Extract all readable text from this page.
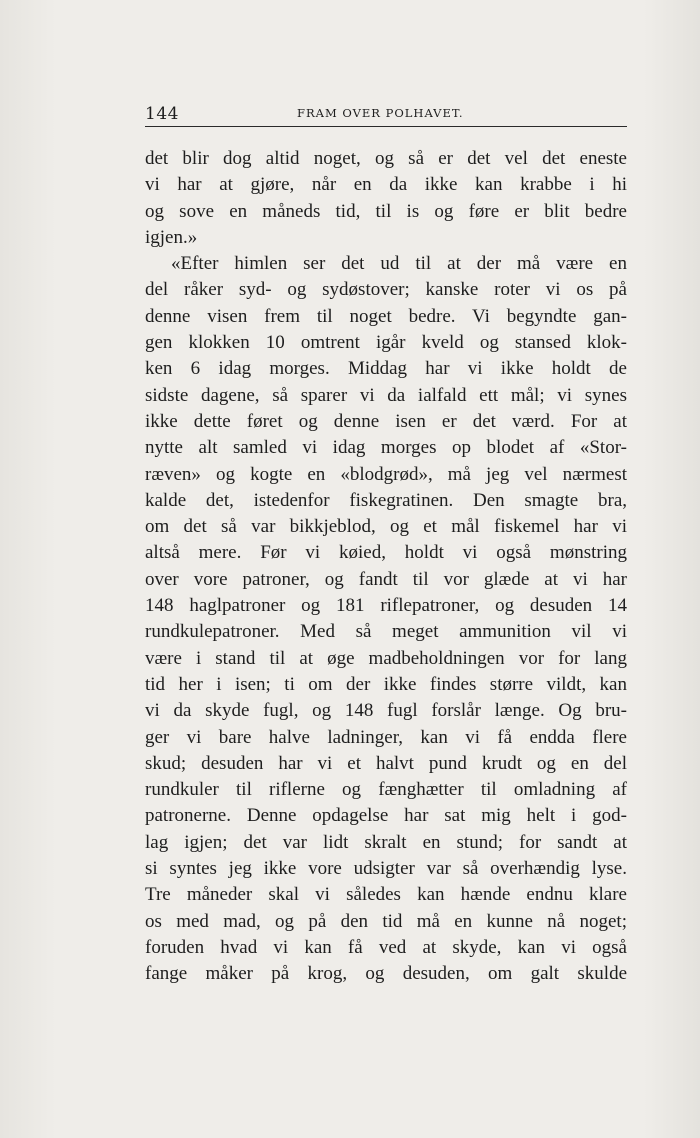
144	FRAM OVER POLHAVET.
det blir dog altid noget, og så er det vel det eneste
vi har at gjøre, når en da ikke kan krabbe i hi
og sove en måneds tid, til is og føre er blit bedre
igjen.»
«Efter himlen ser det ud til at der må være en
del råker syd- og sydøstover; kanske roter vi os på
denne visen frem til noget bedre. Vi begyndte gan-
gen klokken 10 omtrent igår kveld og stansed klok-
ken 6 idag morges. Middag har vi ikke holdt de
sidste dagene, så sparer vi da ialfald ett mål; vi synes
ikke dette føret og denne isen er det værd. For at
nytte alt samled vi idag morges op blodet af «Stor-
ræven» og kogte en «blodgrød», må jeg vel nærmest
kalde det, istedenfor fiskegratinen. Den smagte bra,
om det så var bikkjeblod, og et mål fiskemel har vi
altså mere. Før vi køied, holdt vi også mønstring
over vore patroner, og fandt til vor glæde at vi har
148 haglpatroner og 181 riflepatroner, og desuden 14
rundkulepatroner. Med så meget ammunition vil vi
være i stand til at øge madbeholdningen vor for lang
tid her i isen; ti om der ikke findes større vildt, kan
vi da skyde fugl, og 148 fugl forslår længe. Og bru-
ger vi bare halve ladninger, kan vi få endda flere
skud; desuden har vi et halvt pund krudt og en del
rundkuler til riflerne og fænghætter til omladning af
patronerne. Denne opdagelse har sat mig helt i god-
lag igjen; det var lidt skralt en stund; for sandt at
si syntes jeg ikke vore udsigter var så overhændig lyse.
Tre måneder skal vi således kan hænde endnu klare
os med mad, og på den tid må en kunne nå noget;
foruden hvad vi kan få ved at skyde, kan vi også
fange måker på krog, og desuden, om galt skulde
